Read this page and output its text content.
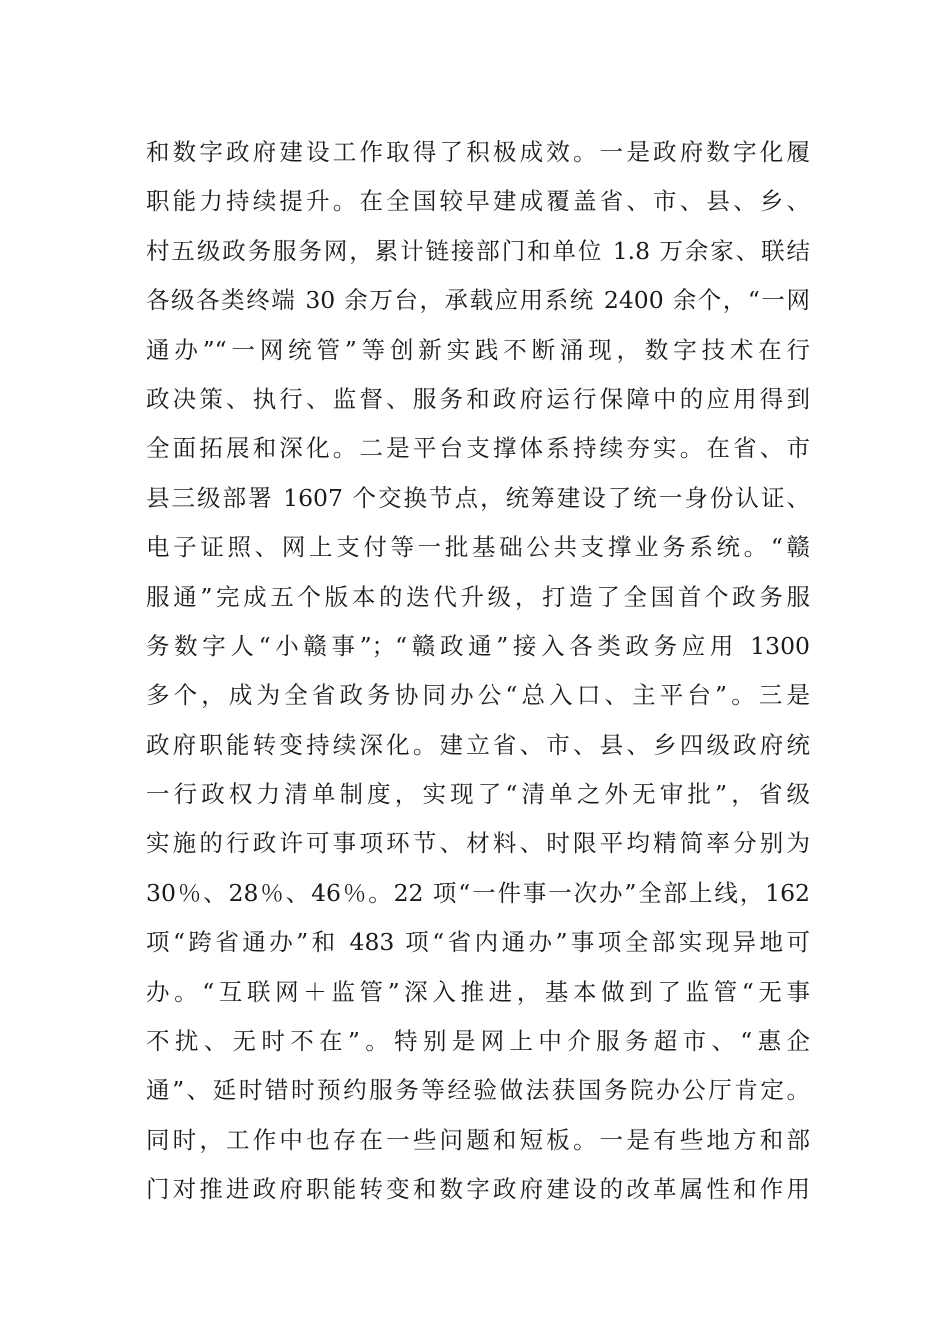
和数字政府建设工作取得了积极成效。一是政府数字化履
职能力持续提升。在全国较早建成覆盖省、市、县、乡、
村五级政务服务网，累计链接部门和单位 1.8 万余家、联结
各级各类终端 30 余万台，承载应用系统 2400 余个，“一网
通办”“一网统管”等创新实践不断涌现，数字技术在行
政决策、执行、监督、服务和政府运行保障中的应用得到
全面拓展和深化。二是平台支撑体系持续夯实。在省、市
县三级部署 1607 个交换节点，统筹建设了统一身份认证、
电子证照、网上支付等一批基础公共支撑业务系统。“赣
服通”完成五个版本的迭代升级，打造了全国首个政务服
务数字人“小赣事”；“赣政通”接入各类政务应用 1300
多个，成为全省政务协同办公“总入口、主平台”。三是
政府职能转变持续深化。建立省、市、县、乡四级政府统
一行政权力清单制度，实现了“清单之外无审批”，省级
实施的行政许可事项环节、材料、时限平均精简率分别为
30％、28％、46％。22 项“一件事一次办”全部上线，162
项“跨省通办”和 483 项“省内通办”事项全部实现异地可
办。“互联网＋监管”深入推进，基本做到了监管“无事
不扰、无时不在”。特别是网上中介服务超市、“惠企
通”、延时错时预约服务等经验做法获国务院办公厅肯定。
同时，工作中也存在一些问题和短板。一是有些地方和部
门对推进政府职能转变和数字政府建设的改革属性和作用
